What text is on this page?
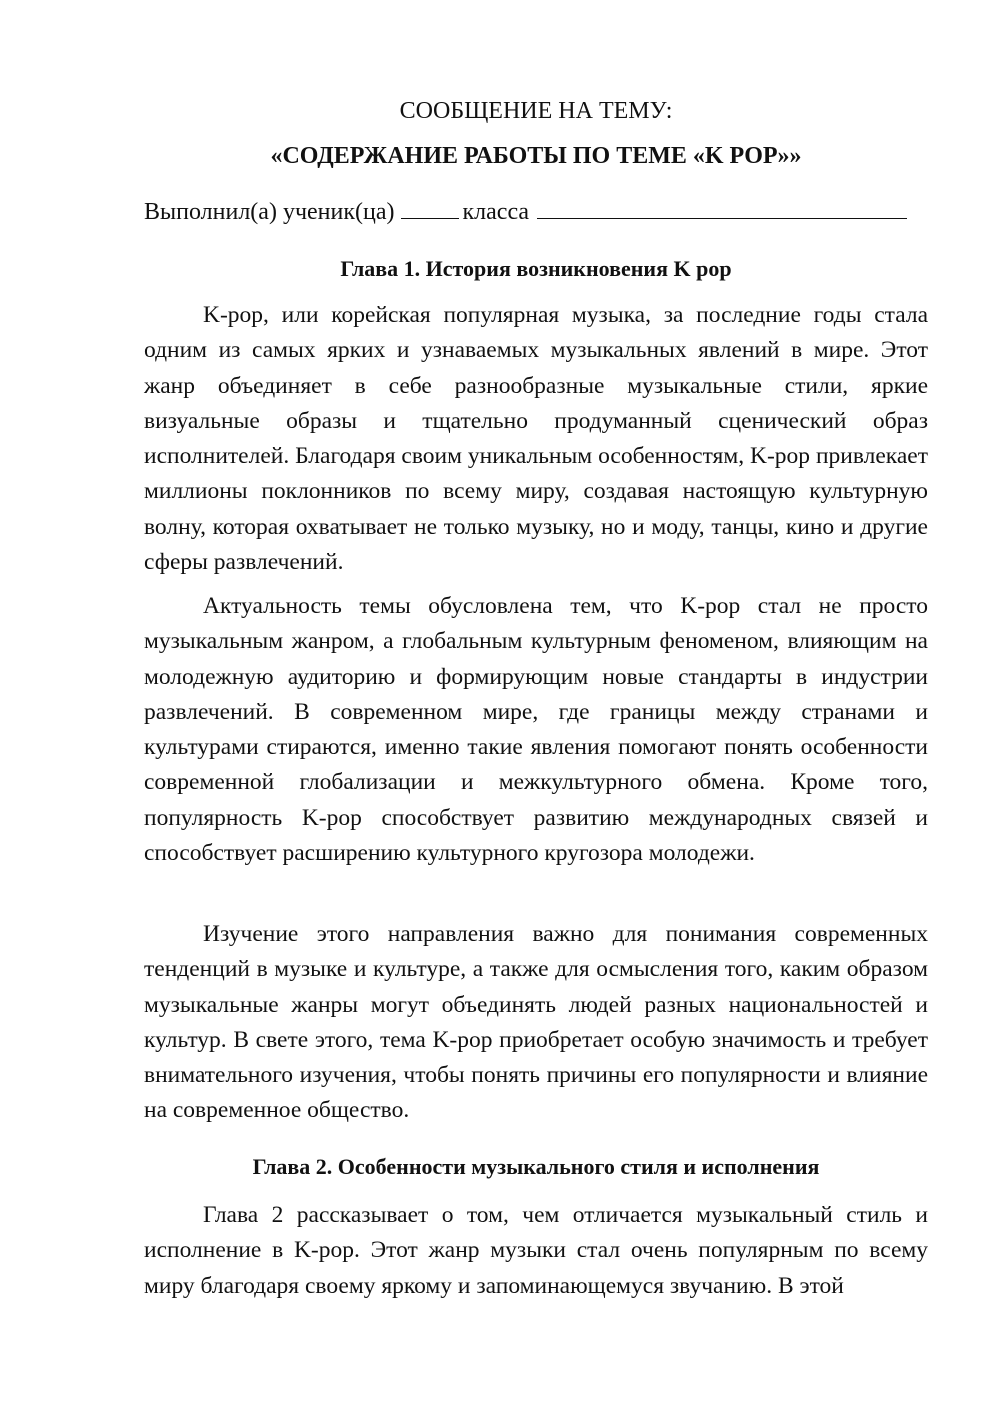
СООБЩЕНИЕ НА ТЕМУ:
«СОДЕРЖАНИЕ РАБОТЫ ПО ТЕМЕ «K POP»»
Выполнил(а) ученик(ца)	класса
Глава 1. История возникновения K pop

K-pop, или корейская популярная музыка, за последние годы стала одним из самых ярких и узнаваемых музыкальных явлений в мире. Этот жанр объединяет в себе разнообразные музыкальные стили, яркие визуальные образы и тщательно продуманный сценический образ исполнителей. Благодаря своим уникальным особенностям, K-pop привлекает миллионы поклонников по всему миру, создавая настоящую культурную волну, которая охватывает не только музыку, но и моду, танцы, кино и другие сферы развлечений.

Актуальность темы обусловлена тем, что K-pop стал не просто музыкальным жанром, а глобальным культурным феноменом, влияющим на молодежную аудиторию и формирующим новые стандарты в индустрии развлечений. В современном мире, где границы между странами и культурами стираются, именно такие явления помогают понять особенности современной глобализации и межкультурного обмена. Кроме того, популярность K-pop способствует развитию международных связей и способствует расширению культурного кругозора молодежи.

Изучение этого направления важно для понимания современных тенденций в музыке и культуре, а также для осмысления того, каким образом музыкальные жанры могут объединять людей разных национальностей и культур. В свете этого, тема K-pop приобретает особую значимость и требует внимательного изучения, чтобы понять причины его популярности и влияние на современное общество.

Глава 2. Особенности музыкального стиля и исполнения

Глава 2 рассказывает о том, чем отличается музыкальный стиль и исполнение в K-pop. Этот жанр музыки стал очень популярным по всему миру благодаря своему яркому и запоминающемуся звучанию. В этой
